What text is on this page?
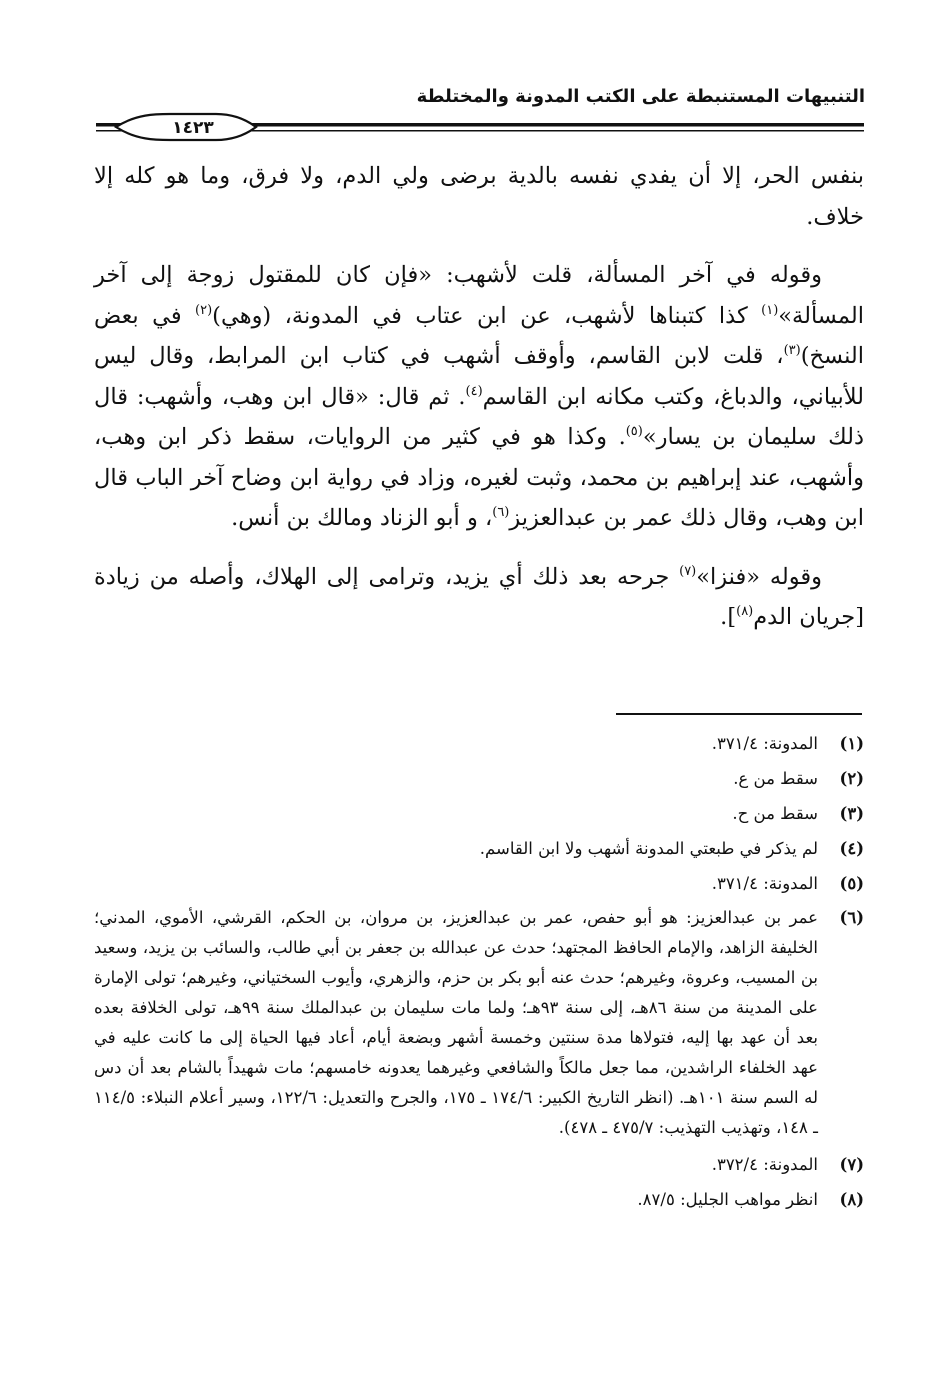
التنبيهات المستنبطة على الكتب المدونة والمختلطة
١٤٢٣

بنفس الحر، إلا أن يفدي نفسه بالدية برضى ولي الدم، ولا فرق، وما هو كله إلا خلاف.

وقوله في آخر المسألة، قلت لأشهب: «فإن كان للمقتول زوجة إلى آخر المسألة»$^{(١)}$ كذا كتبناها لأشهب، عن ابن عتاب في المدونة، (وهي)$^{(٢)}$ في بعض النسخ)$^{(٣)}$، قلت لابن القاسم، وأوقف أشهب في كتاب ابن المرابط، وقال ليس للأبياني، والدباغ، وكتب مكانه ابن القاسم$^{(٤)}$. ثم قال: «قال ابن وهب، وأشهب: قال ذلك سليمان بن يسار»$^{(٥)}$. وكذا هو في كثير من الروايات، سقط ذكر ابن وهب، وأشهب، عند إبراهيم بن محمد، وثبت لغيره، وزاد في رواية ابن وضاح آخر الباب قال ابن وهب، وقال ذلك عمر بن عبدالعزيز$^{(٦)}$، و أبو الزناد ومالك بن أنس.

وقوله «فنزا»$^{(٧)}$ جرحه بعد ذلك أي يزيد، وترامى إلى الهلاك، وأصله من زيادة [جريان الدم$^{(٨)}$].

(١)
المدونة: ٣٧١/٤.
(٢)
سقط من ع.
(٣)
سقط من ح.
(٤)
لم يذكر في طبعتي المدونة أشهب ولا ابن القاسم.
(٥)
المدونة: ٣٧١/٤.
(٦)
عمر بن عبدالعزيز: هو أبو حفص، عمر بن عبدالعزيز، بن مروان، بن الحكم، القرشي، الأموي، المدني؛ الخليفة الزاهد، والإمام الحافظ المجتهد؛ حدث عن عبدالله بن جعفر بن أبي طالب، والسائب بن يزيد، وسعيد بن المسيب، وعروة، وغيرهم؛ حدث عنه أبو بكر بن حزم، والزهري، وأيوب السختياني، وغيرهم؛ تولى الإمارة على المدينة من سنة ٨٦هـ، إلى سنة ٩٣هـ؛ ولما مات سليمان بن عبدالملك سنة ٩٩هـ، تولى الخلافة بعده بعد أن عهد بها إليه، فتولاها مدة سنتين وخمسة أشهر وبضعة أيام، أعاد فيها الحياة إلى ما كانت عليه في عهد الخلفاء الراشدين، مما جعل مالكاً والشافعي وغيرهما يعدونه خامسهم؛ مات شهيداً بالشام بعد أن دس له السم سنة ١٠١هـ. (انظر التاريخ الكبير: ١٧٤/٦ ـ ١٧٥، والجرح والتعديل: ١٢٢/٦، وسير أعلام النبلاء: ١١٤/٥ ـ ١٤٨، وتهذيب التهذيب: ٤٧٥/٧ ـ ٤٧٨).
(٧)
المدونة: ٣٧٢/٤.
(٨)
انظر مواهب الجليل: ٨٧/٥.
